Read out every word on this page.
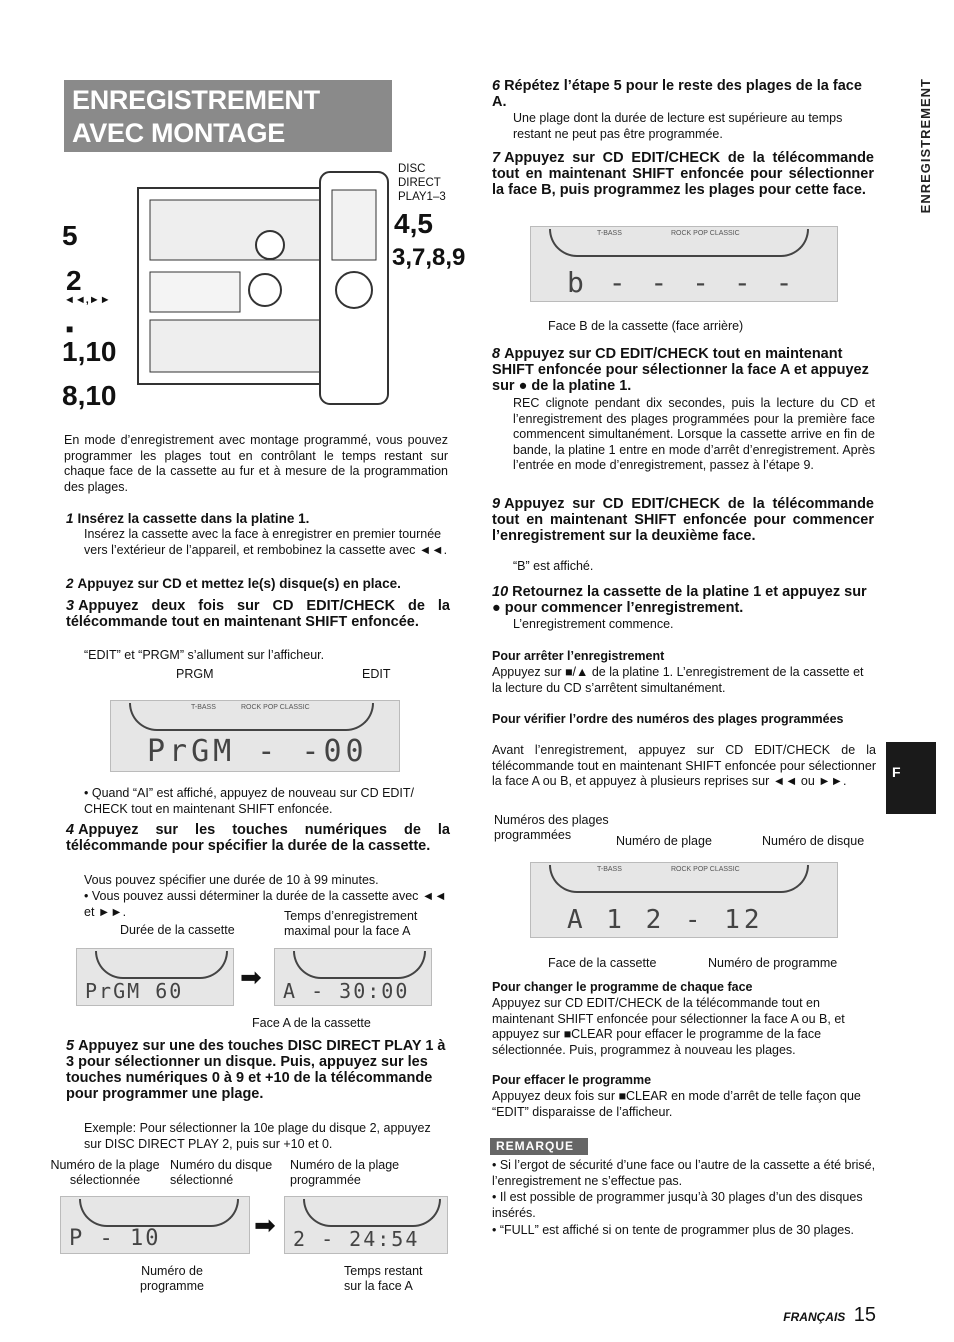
ENREGISTREMENT AVEC MONTAGE PROGRAMME	ENREGISTREMENT
F
5
2
◄◄,►►
■
1,10
8,10
4,5
3,7,8,9
DISC DIRECT PLAY1–3
En mode d’enregistrement avec montage programmé, vous pouvez programmer les plages tout en contrôlant le temps restant sur chaque face de la cassette au fur et à mesure de la programmation des plages.
1 Insérez la cassette dans la platine 1.
Insérez la cassette avec la face à enregistrer en premier tournée vers l’extérieur de l’appareil, et rembobinez la cassette avec ◄◄.
2 Appuyez sur CD et mettez le(s) disque(s) en place.
3 Appuyez deux fois sur CD EDIT/CHECK de la télécommande tout en maintenant SHIFT enfoncée.
“EDIT” et “PRGM” s’allument sur l’afficheur.
PRGM	EDIT
T-BASS	ROCK POP CLASSIC
PrGM - -00
• Quand “AI” est affiché, appuyez de nouveau sur CD EDIT/ CHECK tout en maintenant SHIFT enfoncée.
4 Appuyez sur les touches numériques de la télécommande pour spécifier la durée de la cassette.
Vous pouvez spécifier une durée de 10 à 99 minutes.
• Vous pouvez aussi déterminer la durée de la cassette avec ◄◄ et ►►.
Durée de la cassette
Temps d’enregistrement maximal pour la face A
PrGM 60 ➡ A - 30:00
Face A de la cassette
5 Appuyez sur une des touches DISC DIRECT PLAY 1 à 3 pour sélectionner un disque. Puis, appuyez sur les touches numériques 0 à 9 et +10 de la télécommande pour programmer une plage.
Exemple: Pour sélectionner la 10e plage du disque 2, appuyez sur DISC DIRECT PLAY 2, puis sur +10 et 0.
Numéro de la plage sélectionnée
Numéro du disque sélectionné
Numéro de la plage programmée
P - 10	➡ 2 - 24:54
Numéro de programme
Temps restant sur la face A
6 Répétez l’étape 5 pour le reste des plages de la face A.
Une plage dont la durée de lecture est supérieure au temps restant ne peut pas être programmée.
7 Appuyez sur CD EDIT/CHECK de la télécommande tout en maintenant SHIFT enfoncée pour sélectionner la face B, puis programmez les plages pour cette face.
T-BASS	ROCK POP CLASSIC
b - - - - -
Face B de la cassette (face arrière)
8 Appuyez sur CD EDIT/CHECK tout en maintenant SHIFT enfoncée pour sélectionner la face A et appuyez sur ● de la platine 1.
REC clignote pendant dix secondes, puis la lecture du CD et l’enregistrement des plages programmées pour la première face commencent simultanément. Lorsque la cassette arrive en fin de bande, la platine 1 entre en mode d’arrêt d’enregistrement. Après l’entrée en mode d’enregistrement, passez à l’étape 9.
9 Appuyez sur CD EDIT/CHECK de la télécommande tout en maintenant SHIFT enfoncée pour commencer l’enregistrement sur la deuxième face.
“B” est affiché.
10 Retournez la cassette de la platine 1 et appuyez sur ● pour commencer l’enregistrement.
L’enregistrement commence.
Pour arrêter l’enregistrement
Appuyez sur ■/▲ de la platine 1. L’enregistrement de la cassette et la lecture du CD s’arrêtent simultanément.
Pour vérifier l’ordre des numéros des plages programmées
Avant l’enregistrement, appuyez sur CD EDIT/CHECK de la télécommande tout en maintenant SHIFT enfoncée pour sélectionner la face A ou B, et appuyez à plusieurs reprises sur ◄◄ ou ►►.
Numéros des plages programmées	Numéro de plage	Numéro de disque
T-BASS	ROCK POP CLASSIC
A 1 2 - 12
Face de la cassette	Numéro de programme
Pour changer le programme de chaque face
Appuyez sur CD EDIT/CHECK de la télécommande tout en maintenant SHIFT enfoncée pour sélectionner la face A ou B, et appuyez sur ■CLEAR pour effacer le programme de la face sélectionnée. Puis, programmez à nouveau les plages.
Pour effacer le programme
Appuyez deux fois sur ■CLEAR en mode d’arrêt de telle façon que “EDIT” disparaisse de l’afficheur.
REMARQUE
• Si l’ergot de sécurité d’une face ou l’autre de la cassette a été brisé, l’enregistrement ne s’effectue pas.
• Il est possible de programmer jusqu’à 30 plages d’un des disques insérés.
• “FULL” est affiché si on tente de programmer plus de 30 plages.
FRANÇAIS 15
